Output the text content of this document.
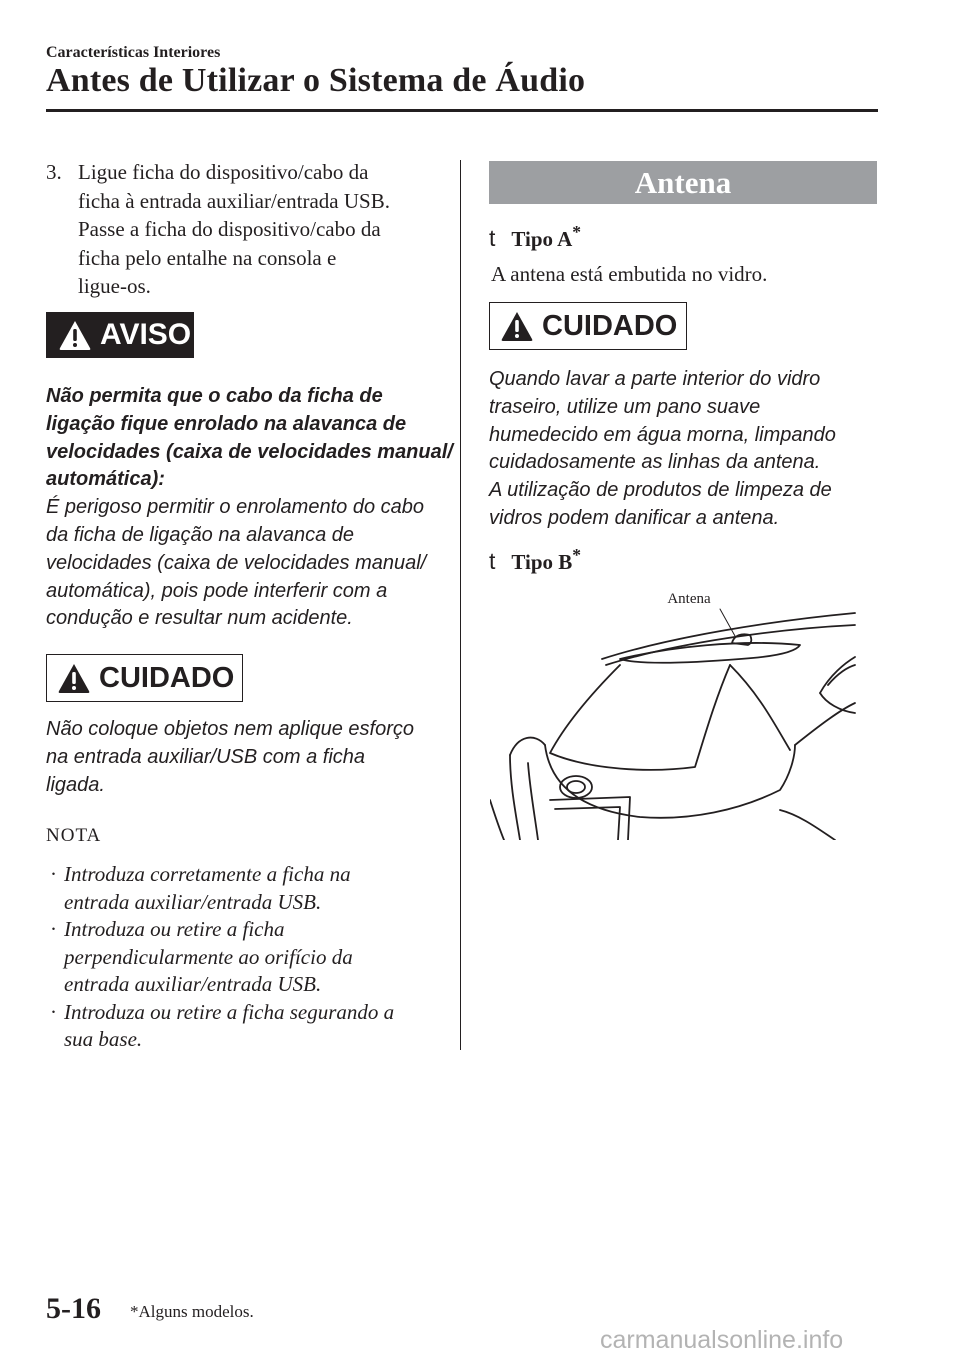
Características Interiores
Antes de Utilizar o Sistema de Áudio
3. Ligue ficha do dispositivo/cabo da
ficha à entrada auxiliar/entrada USB.
Passe a ficha do dispositivo/cabo da
ficha pelo entalhe na consola e
ligue-os.
AVISO
Não permita que o cabo da ficha de
ligação fique enrolado na alavanca de
velocidades (caixa de velocidades manual/
automática):
É perigoso permitir o enrolamento do cabo
da ficha de ligação na alavanca de
velocidades (caixa de velocidades manual/
automática), pois pode interferir com a
condução e resultar num acidente.
CUIDADO
Não coloque objetos nem aplique esforço
na entrada auxiliar/USB com a ficha
ligada.
NOTA
· Introduza corretamente a ficha na
entrada auxiliar/entrada USB.
· Introduza ou retire a ficha
perpendicularmente ao orifício da
entrada auxiliar/entrada USB.
· Introduza ou retire a ficha segurando a
sua base.
Antena
t Tipo A*
A antena está embutida no vidro.
CUIDADO
Quando lavar a parte interior do vidro
traseiro, utilize um pano suave
humedecido em água morna, limpando
cuidadosamente as linhas da antena.
A utilização de produtos de limpeza de
vidros podem danificar a antena.
t Tipo B*
Antena
5-16 *Alguns modelos.
carmanualsonline.info
